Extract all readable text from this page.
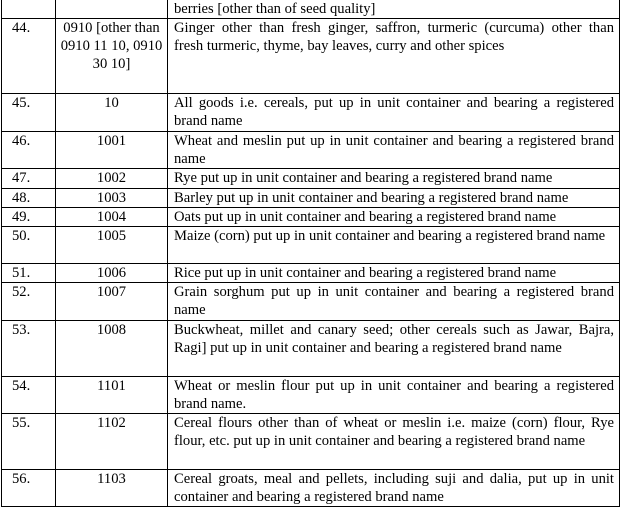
		berries [other than of seed quality]
44.	0910 [other than 0910 11 10, 0910 30 10]	Ginger other than fresh ginger, saffron, turmeric (curcuma) other than fresh turmeric, thyme, bay leaves, curry and other spices
45.	10	All goods i.e. cereals, put up in unit container and bearing a registered brand name
46.	1001	Wheat and meslin put up in unit container and bearing a registered brand name
47.	1002	Rye put up in unit container and bearing a registered brand name
48.	1003	Barley put up in unit container and bearing a registered brand name
49.	1004	Oats put up in unit container and bearing a registered brand name
50.	1005	Maize (corn) put up in unit container and bearing a registered brand name
51.	1006	Rice put up in unit container and bearing a registered brand name
52.	1007	Grain sorghum put up in unit container and bearing a registered brand name
53.	1008	Buckwheat, millet and canary seed; other cereals such as Jawar, Bajra, Ragi] put up in unit container and bearing a registered brand name
54.	1101	Wheat or meslin flour put up in unit container and bearing a registered brand name.
55.	1102	Cereal flours other than of wheat or meslin i.e. maize (corn) flour, Rye flour, etc. put up in unit container and bearing a registered brand name
56.	1103	Cereal groats, meal and pellets, including suji and dalia, put up in unit container and bearing a registered brand name
